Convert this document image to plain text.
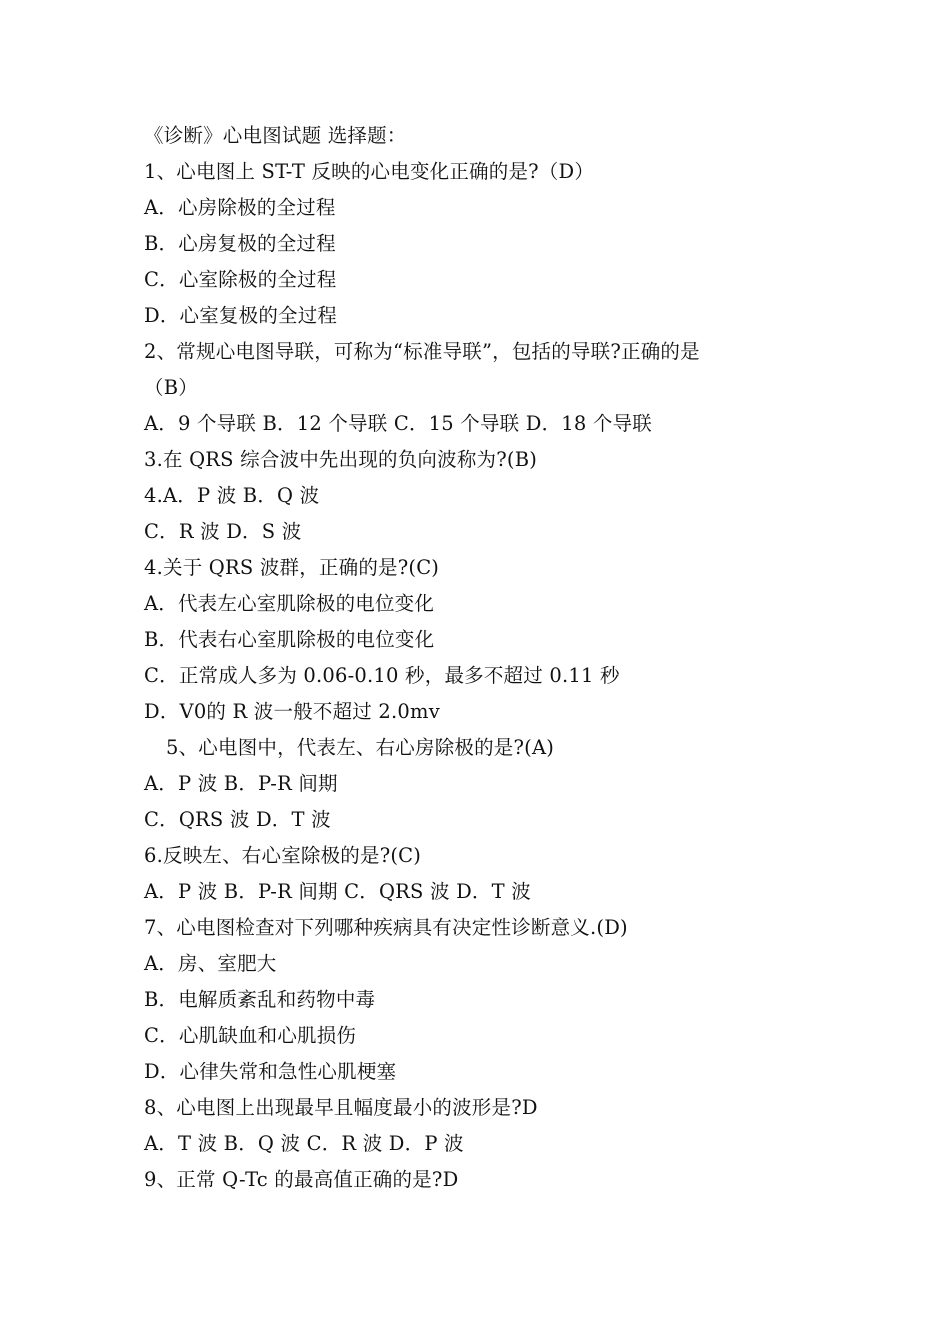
《诊断》心电图试题 选择题：
1、心电图上 ST-T 反映的心电变化正确的是?（D）
A．心房除极的全过程
B．心房复极的全过程
C．心室除极的全过程
D．心室复极的全过程
2、常规心电图导联，可称为“标准导联”，包括的导联?正确的是
（B）
A．9 个导联 B．12 个导联 C．15 个导联 D．18 个导联
3.在 QRS 综合波中先出现的负向波称为?(B)
4.A．P 波 B．Q 波
C．R 波 D．S 波
4.关于 QRS 波群，正确的是?(C)
A．代表左心室肌除极的电位变化
B．代表右心室肌除极的电位变化
C．正常成人多为 0.06-0.10 秒，最多不超过 0.11 秒
D．V0的 R 波一般不超过 2.0mv
5、心电图中，代表左、右心房除极的是?(A)
A．P 波 B．P-R 间期
C．QRS 波 D．T 波
6.反映左、右心室除极的是?(C)
A．P 波 B．P-R 间期 C．QRS 波 D．T 波
7、心电图检查对下列哪种疾病具有决定性诊断意义.(D)
A．房、室肥大
B．电解质紊乱和药物中毒
C．心肌缺血和心肌损伤
D．心律失常和急性心肌梗塞
8、心电图上出现最早且幅度最小的波形是?D
A．T 波 B．Q 波 C．R 波 D．P 波
9、正常 Q-Tc 的最高值正确的是?D
